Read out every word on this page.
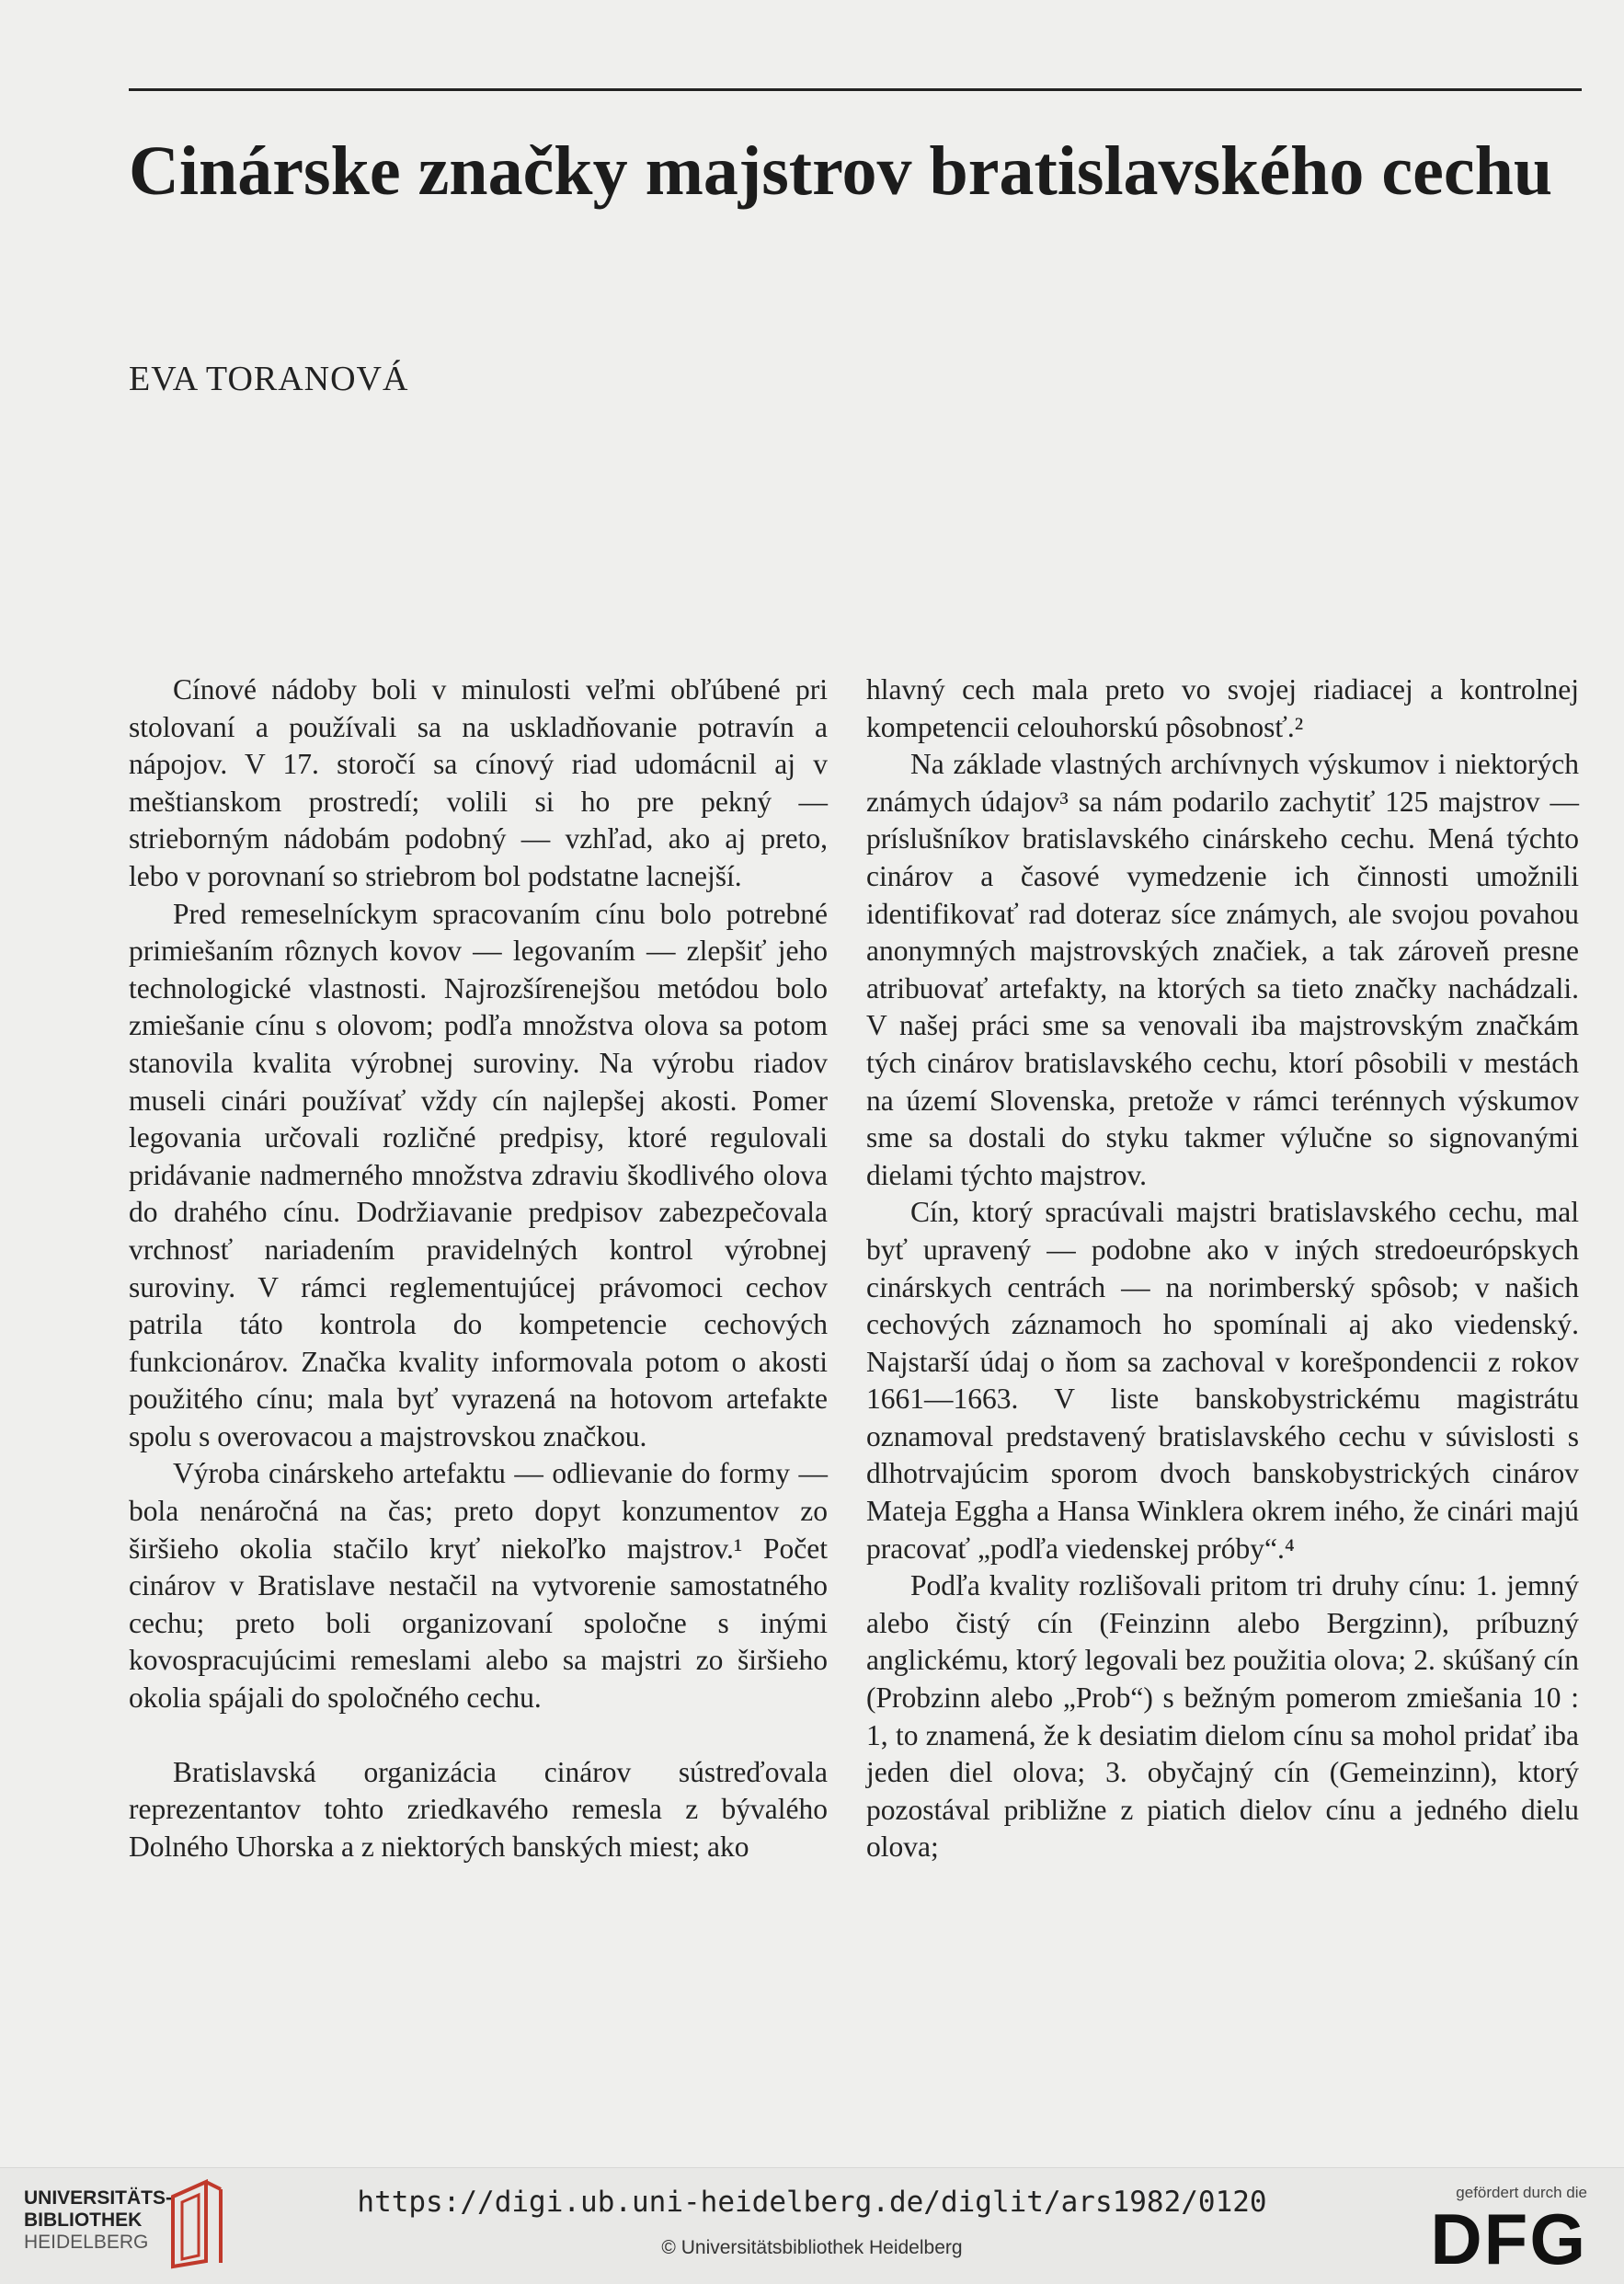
Cinárske značky majstrov bratislavského cechu
EVA TORANOVÁ

Cínové nádoby boli v minulosti veľmi obľúbené pri stolovaní a používali sa na uskladňovanie potravín a nápojov. V 17. storočí sa cínový riad udomácnil aj v meštianskom prostredí; volili si ho pre pekný — strieborným nádobám podobný — vzhľad, ako aj preto, lebo v porovnaní so striebrom bol podstatne lacnejší.

Pred remeselníckym spracovaním cínu bolo potrebné primiešaním rôznych kovov — legovaním — zlepšiť jeho technologické vlastnosti. Najrozšírenejšou metódou bolo zmiešanie cínu s olovom; podľa množstva olova sa potom stanovila kvalita výrobnej suroviny. Na výrobu riadov museli cinári používať vždy cín najlepšej akosti. Pomer legovania určovali rozličné predpisy, ktoré regulovali pridávanie nadmerného množstva zdraviu škodlivého olova do drahého cínu. Dodržiavanie predpisov zabezpečovala vrchnosť nariadením pravidelných kontrol výrobnej suroviny. V rámci reglementujúcej právomoci cechov patrila táto kontrola do kompetencie cechových funkcionárov. Značka kvality informovala potom o akosti použitého cínu; mala byť vyrazená na hotovom artefakte spolu s overovacou a majstrovskou značkou.

Výroba cinárskeho artefaktu — odlievanie do formy — bola nenáročná na čas; preto dopyt konzumentov zo širšieho okolia stačilo kryť niekoľko majstrov.¹ Počet cinárov v Bratislave nestačil na vytvorenie samostatného cechu; preto boli organizovaní spoločne s inými kovospracujúcimi remeslami alebo sa majstri zo širšieho okolia spájali do spoločného cechu.

Bratislavská organizácia cinárov sústreďovala reprezentantov tohto zriedkavého remesla z bývalého Dolného Uhorska a z niektorých banských miest; ako

hlavný cech mala preto vo svojej riadiacej a kontrolnej kompetencii celouhorskú pôsobnosť.²

Na základe vlastných archívnych výskumov i niektorých známych údajov³ sa nám podarilo zachytiť 125 majstrov — príslušníkov bratislavského cinárskeho cechu. Mená týchto cinárov a časové vymedzenie ich činnosti umožnili identifikovať rad doteraz síce známych, ale svojou povahou anonymných majstrovských značiek, a tak zároveň presne atribuovať artefakty, na ktorých sa tieto značky nachádzali. V našej práci sme sa venovali iba majstrovským značkám tých cinárov bratislavského cechu, ktorí pôsobili v mestách na území Slovenska, pretože v rámci terénnych výskumov sme sa dostali do styku takmer výlučne so signovanými dielami týchto majstrov.

Cín, ktorý spracúvali majstri bratislavského cechu, mal byť upravený — podobne ako v iných stredoeurópskych cinárskych centrách — na norimberský spôsob; v našich cechových záznamoch ho spomínali aj ako viedenský. Najstarší údaj o ňom sa zachoval v korešpondencii z rokov 1661—1663. V liste banskobystrickému magistrátu oznamoval predstavený bratislavského cechu v súvislosti s dlhotrvajúcim sporom dvoch banskobystrických cinárov Mateja Eggha a Hansa Winklera okrem iného, že cinári majú pracovať „podľa viedenskej próby“.⁴

Podľa kvality rozlišovali pritom tri druhy cínu: 1. jemný alebo čistý cín (Feinzinn alebo Bergzinn), príbuzný anglickému, ktorý legovali bez použitia olova; 2. skúšaný cín (Probzinn alebo „Prob“) s bežným pomerom zmiešania 10 : 1, to znamená, že k desiatim dielom cínu sa mohol pridať iba jeden diel olova; 3. obyčajný cín (Gemeinzinn), ktorý pozostával približne z piatich dielov cínu a jedného dielu olova;

UNIVERSITÄTS-
BIBLIOTHEK
HEIDELBERG
https://digi.ub.uni-heidelberg.de/diglit/ars1982/0120
© Universitätsbibliothek Heidelberg
gefördert durch die
DFG
